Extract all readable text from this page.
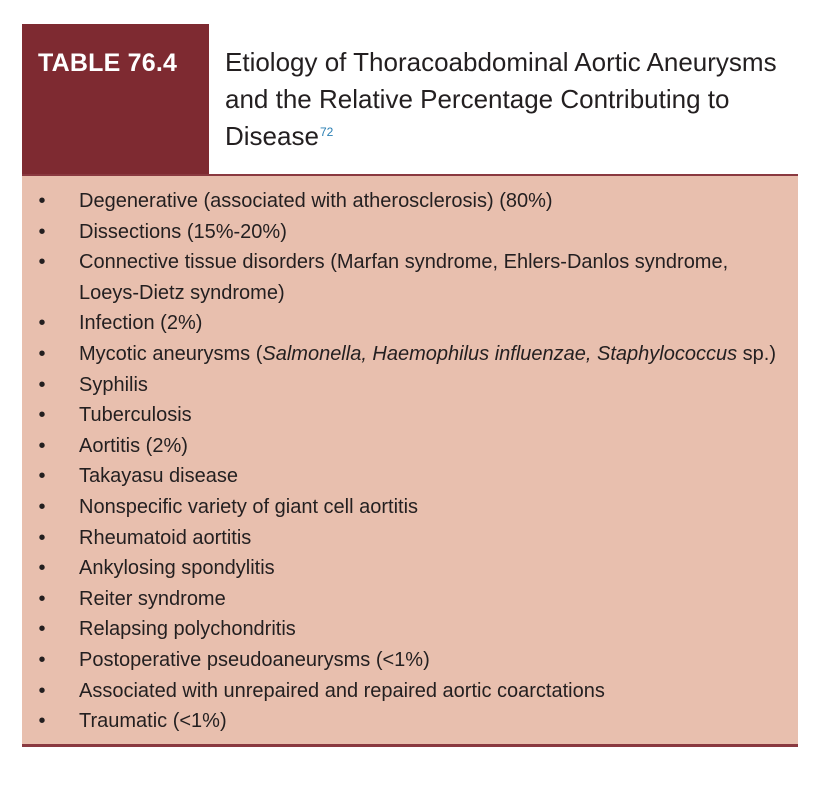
TABLE 76.4 Etiology of Thoracoabdominal Aortic Aneurysms and the Relative Percentage Contributing to Disease$^{72}$
• Degenerative (associated with atherosclerosis) (80%)
• Dissections (15%-20%)
• Connective tissue disorders (Marfan syndrome, Ehlers-Danlos syndrome, Loeys-Dietz syndrome)
• Infection (2%)
• Mycotic aneurysms (Salmonella, Haemophilus influenzae, Staphylococcus sp.)
• Syphilis
• Tuberculosis
• Aortitis (2%)
• Takayasu disease
• Nonspecific variety of giant cell aortitis
• Rheumatoid aortitis
• Ankylosing spondylitis
• Reiter syndrome
• Relapsing polychondritis
• Postoperative pseudoaneurysms (<1%)
• Associated with unrepaired and repaired aortic coarctations
• Traumatic (<1%)
